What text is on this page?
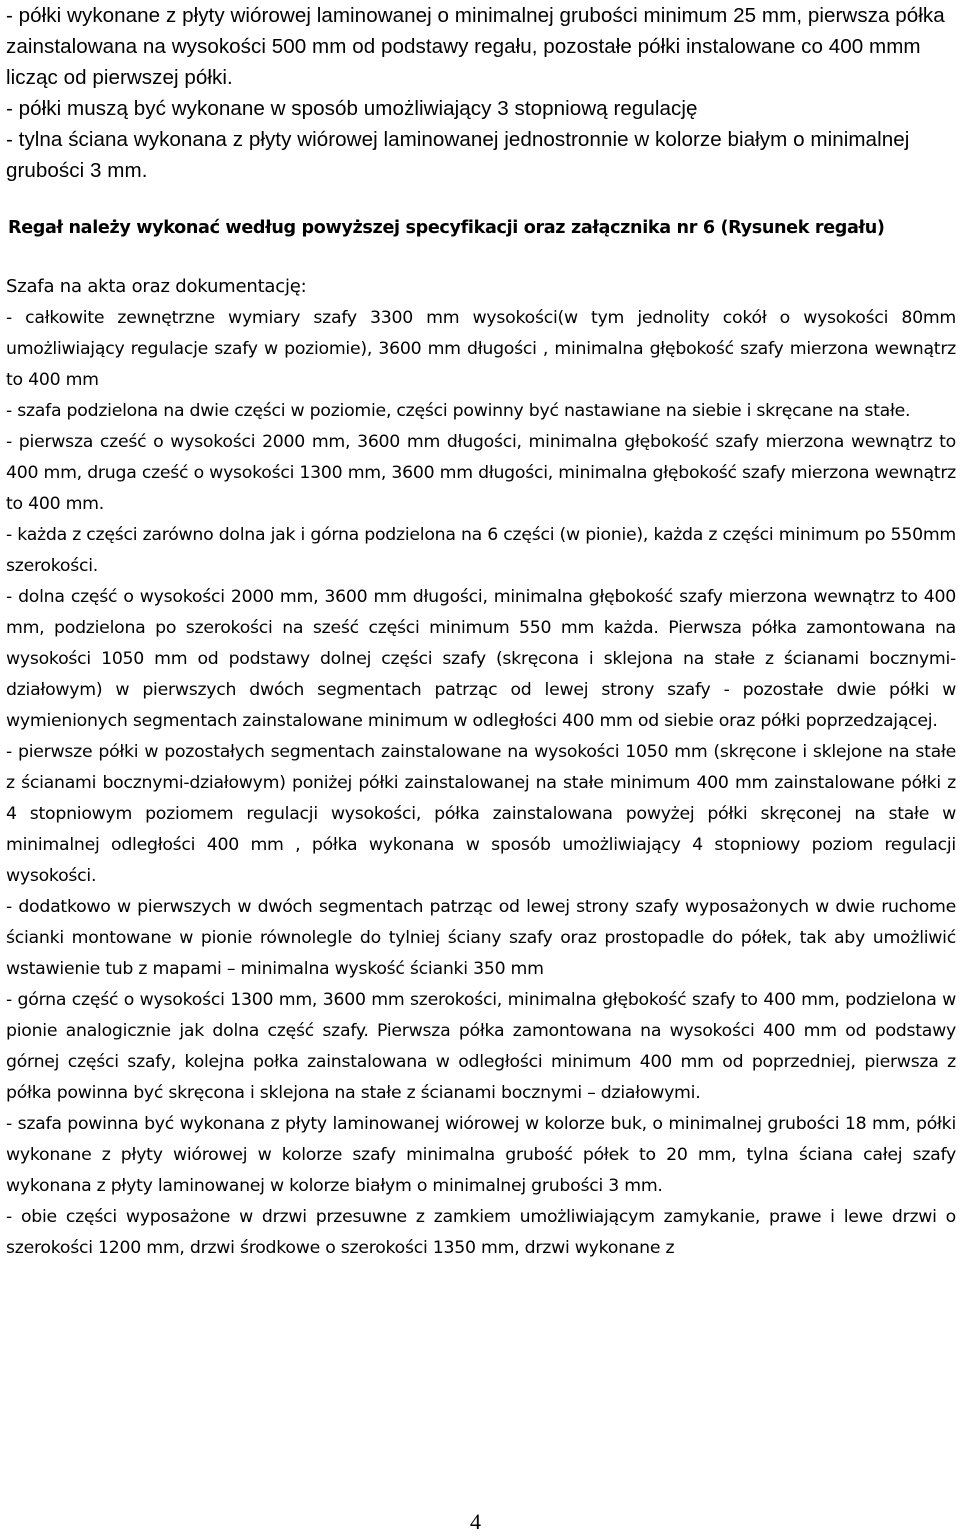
- półki wykonane z płyty wiórowej laminowanej o minimalnej grubości minimum 25 mm, pierwsza półka zainstalowana na wysokości 500 mm od podstawy regału, pozostałe półki instalowane co 400 mmm licząc od pierwszej półki.

- półki muszą być wykonane w sposób umożliwiający 3 stopniową regulację

- tylna ściana wykonana z płyty wiórowej laminowanej jednostronnie w kolorze białym o minimalnej grubości 3 mm.

Regał należy wykonać według powyższej specyfikacji oraz załącznika nr 6 (Rysunek regału)
Szafa na akta oraz dokumentację:

- całkowite zewnętrzne wymiary szafy 3300 mm wysokości(w tym jednolity cokół o wysokości 80mm umożliwiający regulacje szafy w poziomie), 3600 mm długości , minimalna głębokość szafy mierzona wewnątrz to 400 mm

- szafa podzielona na dwie części w poziomie, części powinny być nastawiane na siebie i skręcane na stałe.

- pierwsza cześć o wysokości 2000 mm, 3600 mm długości, minimalna głębokość szafy mierzona wewnątrz to 400 mm, druga cześć o wysokości 1300 mm, 3600 mm długości, minimalna głębokość szafy mierzona wewnątrz to 400 mm.

- każda z części zarówno dolna jak i górna podzielona na 6 części (w pionie), każda z części minimum po 550mm szerokości.

- dolna część o wysokości 2000 mm, 3600 mm długości, minimalna głębokość szafy mierzona wewnątrz to 400 mm, podzielona po szerokości na sześć części minimum 550 mm każda. Pierwsza półka zamontowana na wysokości 1050 mm od podstawy dolnej części szafy (skręcona i sklejona na stałe z ścianami bocznymi-działowym) w pierwszych dwóch segmentach patrząc od lewej strony szafy - pozostałe dwie półki w wymienionych segmentach zainstalowane minimum w odległości 400 mm od siebie oraz półki poprzedzającej.

- pierwsze półki w pozostałych segmentach zainstalowane na wysokości 1050 mm (skręcone i sklejone na stałe z ścianami bocznymi-działowym) poniżej półki zainstalowanej na stałe minimum 400 mm zainstalowane półki z 4 stopniowym poziomem regulacji wysokości, półka zainstalowana powyżej półki skręconej na stałe w minimalnej odległości 400 mm , półka wykonana w sposób umożliwiający 4 stopniowy poziom regulacji wysokości.

- dodatkowo w pierwszych w dwóch segmentach patrząc od lewej strony szafy wyposażonych w dwie ruchome ścianki montowane w pionie równolegle do tylniej ściany szafy oraz prostopadle do półek, tak aby umożliwić wstawienie tub z mapami – minimalna wyskość ścianki 350 mm

- górna część o wysokości 1300 mm, 3600 mm szerokości, minimalna głębokość szafy to 400 mm, podzielona w pionie analogicznie jak dolna część szafy. Pierwsza półka zamontowana na wysokości 400 mm od podstawy górnej części szafy, kolejna połka zainstalowana w odległości minimum 400 mm od poprzedniej, pierwsza z półka powinna być skręcona i sklejona na stałe z ścianami bocznymi – działowymi.

- szafa powinna być wykonana z płyty laminowanej wiórowej w kolorze buk, o minimalnej grubości 18 mm, półki wykonane z płyty wiórowej w kolorze szafy minimalna grubość półek to 20 mm, tylna ściana całej szafy wykonana z płyty laminowanej w kolorze białym o minimalnej grubości 3 mm.

- obie części wyposażone w drzwi przesuwne z zamkiem umożliwiającym zamykanie, prawe i lewe drzwi o szerokości 1200 mm, drzwi środkowe o szerokości 1350 mm, drzwi wykonane z

4
